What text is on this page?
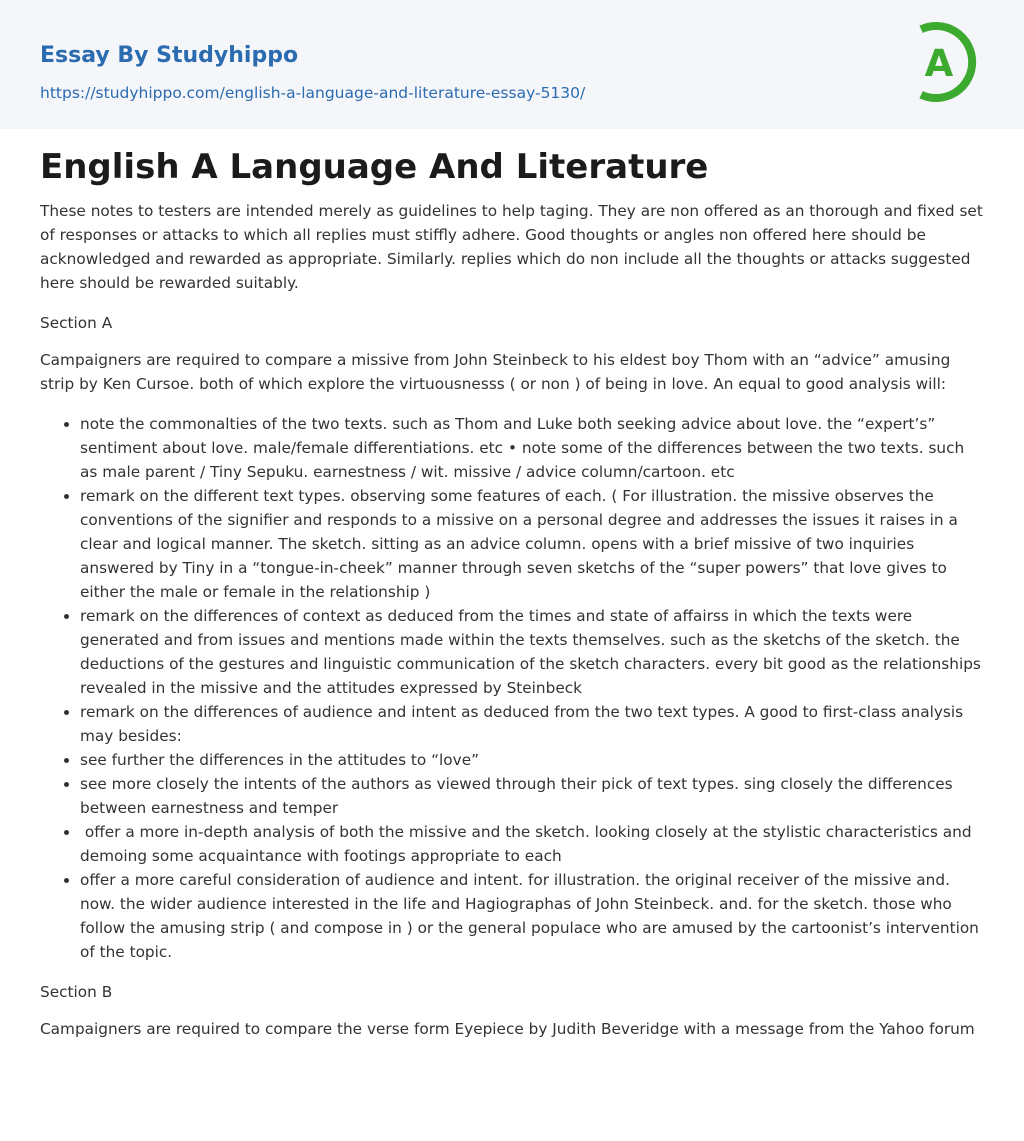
Essay By Studyhippo
https://studyhippo.com/english-a-language-and-literature-essay-5130/
A
English A Language And Literature

These notes to testers are intended merely as guidelines to help taging. They are non offered as an thorough and fixed set of responses or attacks to which all replies must stiffly adhere. Good thoughts or angles non offered here should be acknowledged and rewarded as appropriate. Similarly. replies which do non include all the thoughts or attacks suggested here should be rewarded suitably.

Section A

Campaigners are required to compare a missive from John Steinbeck to his eldest boy Thom with an “advice” amusing strip by Ken Cursoe. both of which explore the virtuousnesss ( or non ) of being in love. An equal to good analysis will:

• note the commonalties of the two texts. such as Thom and Luke both seeking advice about love. the “expert’s” sentiment about love. male/female differentiations. etc • note some of the differences between the two texts. such as male parent / Tiny Sepuku. earnestness / wit. missive / advice column/cartoon. etc
• remark on the different text types. observing some features of each. ( For illustration. the missive observes the conventions of the signifier and responds to a missive on a personal degree and addresses the issues it raises in a clear and logical manner. The sketch. sitting as an advice column. opens with a brief missive of two inquiries answered by Tiny in a “tongue-in-cheek” manner through seven sketchs of the “super powers” that love gives to either the male or female in the relationship )
• remark on the differences of context as deduced from the times and state of affairss in which the texts were generated and from issues and mentions made within the texts themselves. such as the sketchs of the sketch. the deductions of the gestures and linguistic communication of the sketch characters. every bit good as the relationships revealed in the missive and the attitudes expressed by Steinbeck
• remark on the differences of audience and intent as deduced from the two text types. A good to first-class analysis may besides:
• see further the differences in the attitudes to “love”
• see more closely the intents of the authors as viewed through their pick of text types. sing closely the differences between earnestness and temper
•  offer a more in-depth analysis of both the missive and the sketch. looking closely at the stylistic characteristics and demoing some acquaintance with footings appropriate to each
• offer a more careful consideration of audience and intent. for illustration. the original receiver of the missive and. now. the wider audience interested in the life and Hagiographas of John Steinbeck. and. for the sketch. those who follow the amusing strip ( and compose in ) or the general populace who are amused by the cartoonist’s intervention of the topic.

Section B

Campaigners are required to compare the verse form Eyepiece by Judith Beveridge with a message from the Yahoo forum
